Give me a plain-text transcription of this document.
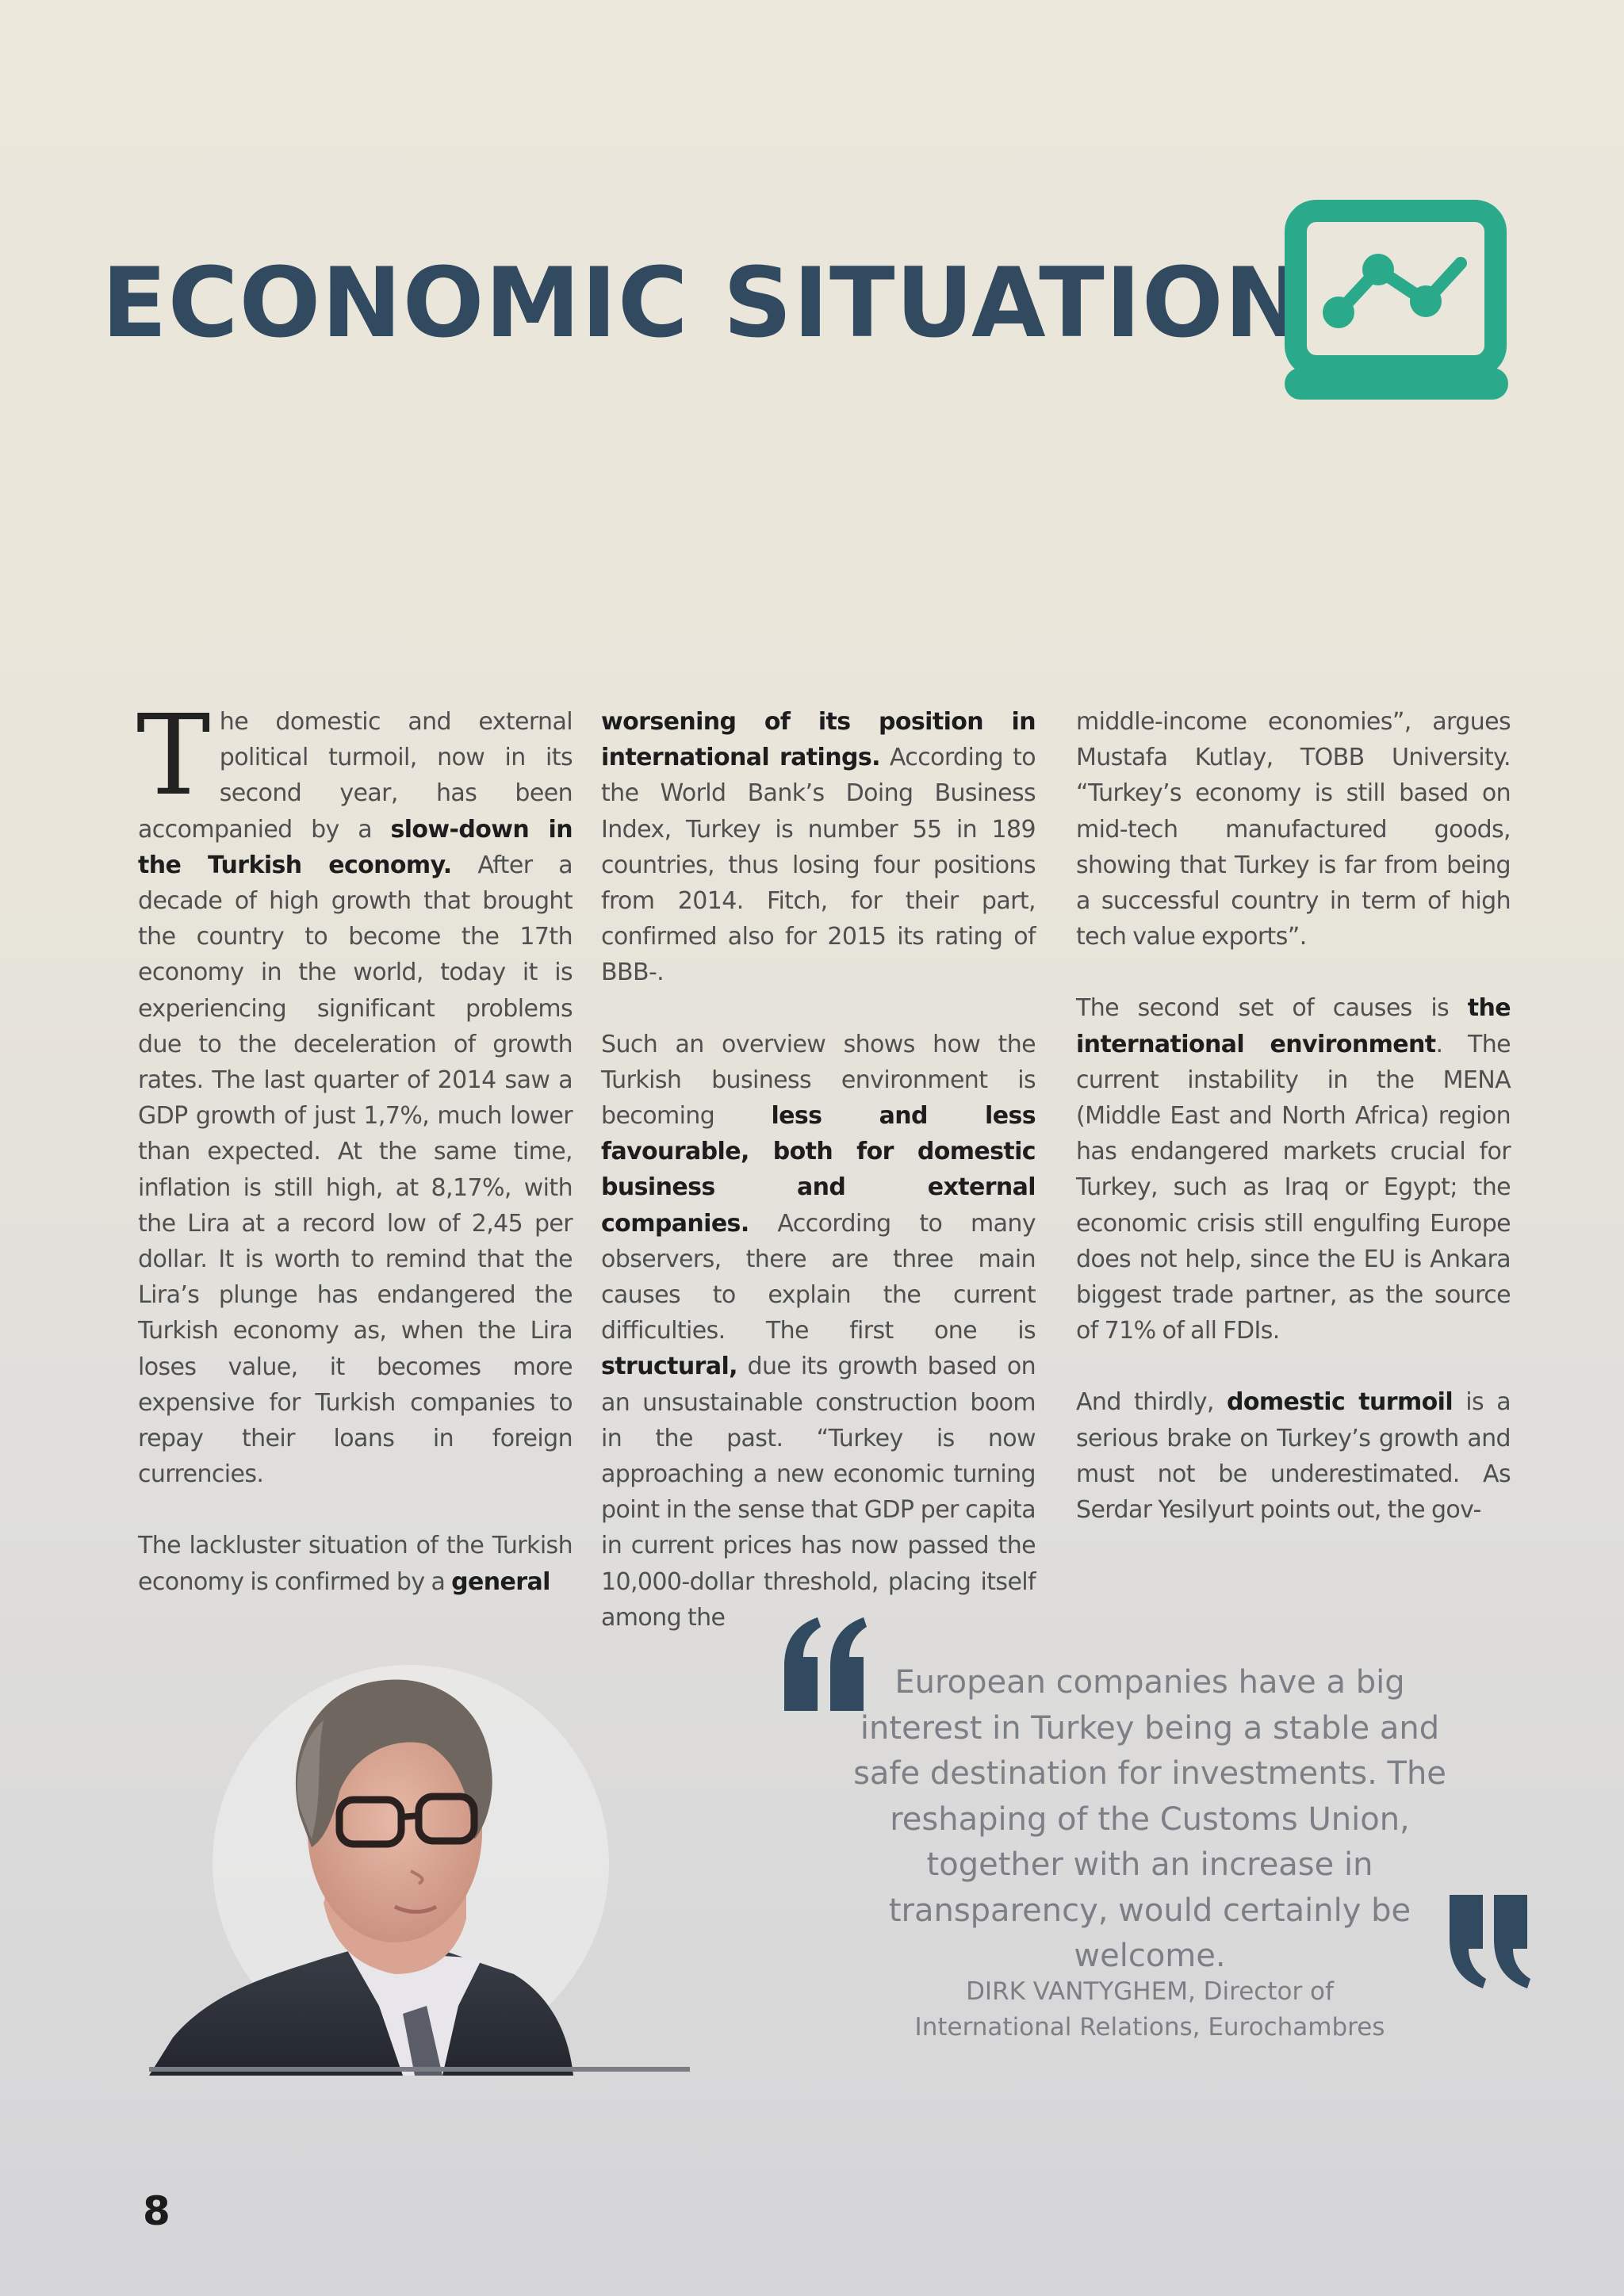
ECONOMIC SITUATION

The domestic and external political turmoil, now in its second year, has been accompanied by a slow-down in the Turkish economy. After a decade of high growth that brought the country to become the 17th economy in the world, today it is experiencing significant problems due to the deceleration of growth rates. The last quarter of 2014 saw a GDP growth of just 1,7%, much lower than expected. At the same time, inflation is still high, at 8,17%, with the Lira at a record low of 2,45 per dollar. It is worth to remind that the Lira’s plunge has endangered the Turkish economy as, when the Lira loses value, it becomes more expensive for Turkish companies to repay their loans in foreign currencies.

The lackluster situation of the Turkish economy is confirmed by a general

worsening of its position in international ratings. According to the World Bank’s Doing Business Index, Turkey is number 55 in 189 countries, thus losing four positions from 2014. Fitch, for their part, confirmed also for 2015 its rating of BBB-.

Such an overview shows how the Turkish business environment is becoming less and less favourable, both for domestic business and external companies. According to many observers, there are three main causes to explain the current difficulties. The first one is structural, due its growth based on an unsustainable construction boom in the past. “Turkey is now approaching a new economic turning point in the sense that GDP per capita in current prices has now passed the 10,000-dollar threshold, placing itself among the

middle-income economies”, argues Mustafa Kutlay, TOBB University. “Turkey’s economy is still based on mid-tech manufactured goods, showing that Turkey is far from being a successful country in term of high tech value exports”.

The second set of causes is the international environment. The current instability in the MENA (Middle East and North Africa) region has endangered markets crucial for Turkey, such as Iraq or Egypt; the economic crisis still engulfing Europe does not help, since the EU is Ankara biggest trade partner, as the source of 71% of all FDIs.

And thirdly, domestic turmoil is a serious brake on Turkey’s growth and must not be underestimated. As Serdar Yesilyurt points out, the gov-

European companies have a big interest in Turkey being a stable and safe destination for investments. The reshaping of the Customs Union, together with an increase in transparency, would certainly be welcome.

DIRK VANTYGHEM, Director of
International Relations, Eurochambres
8
